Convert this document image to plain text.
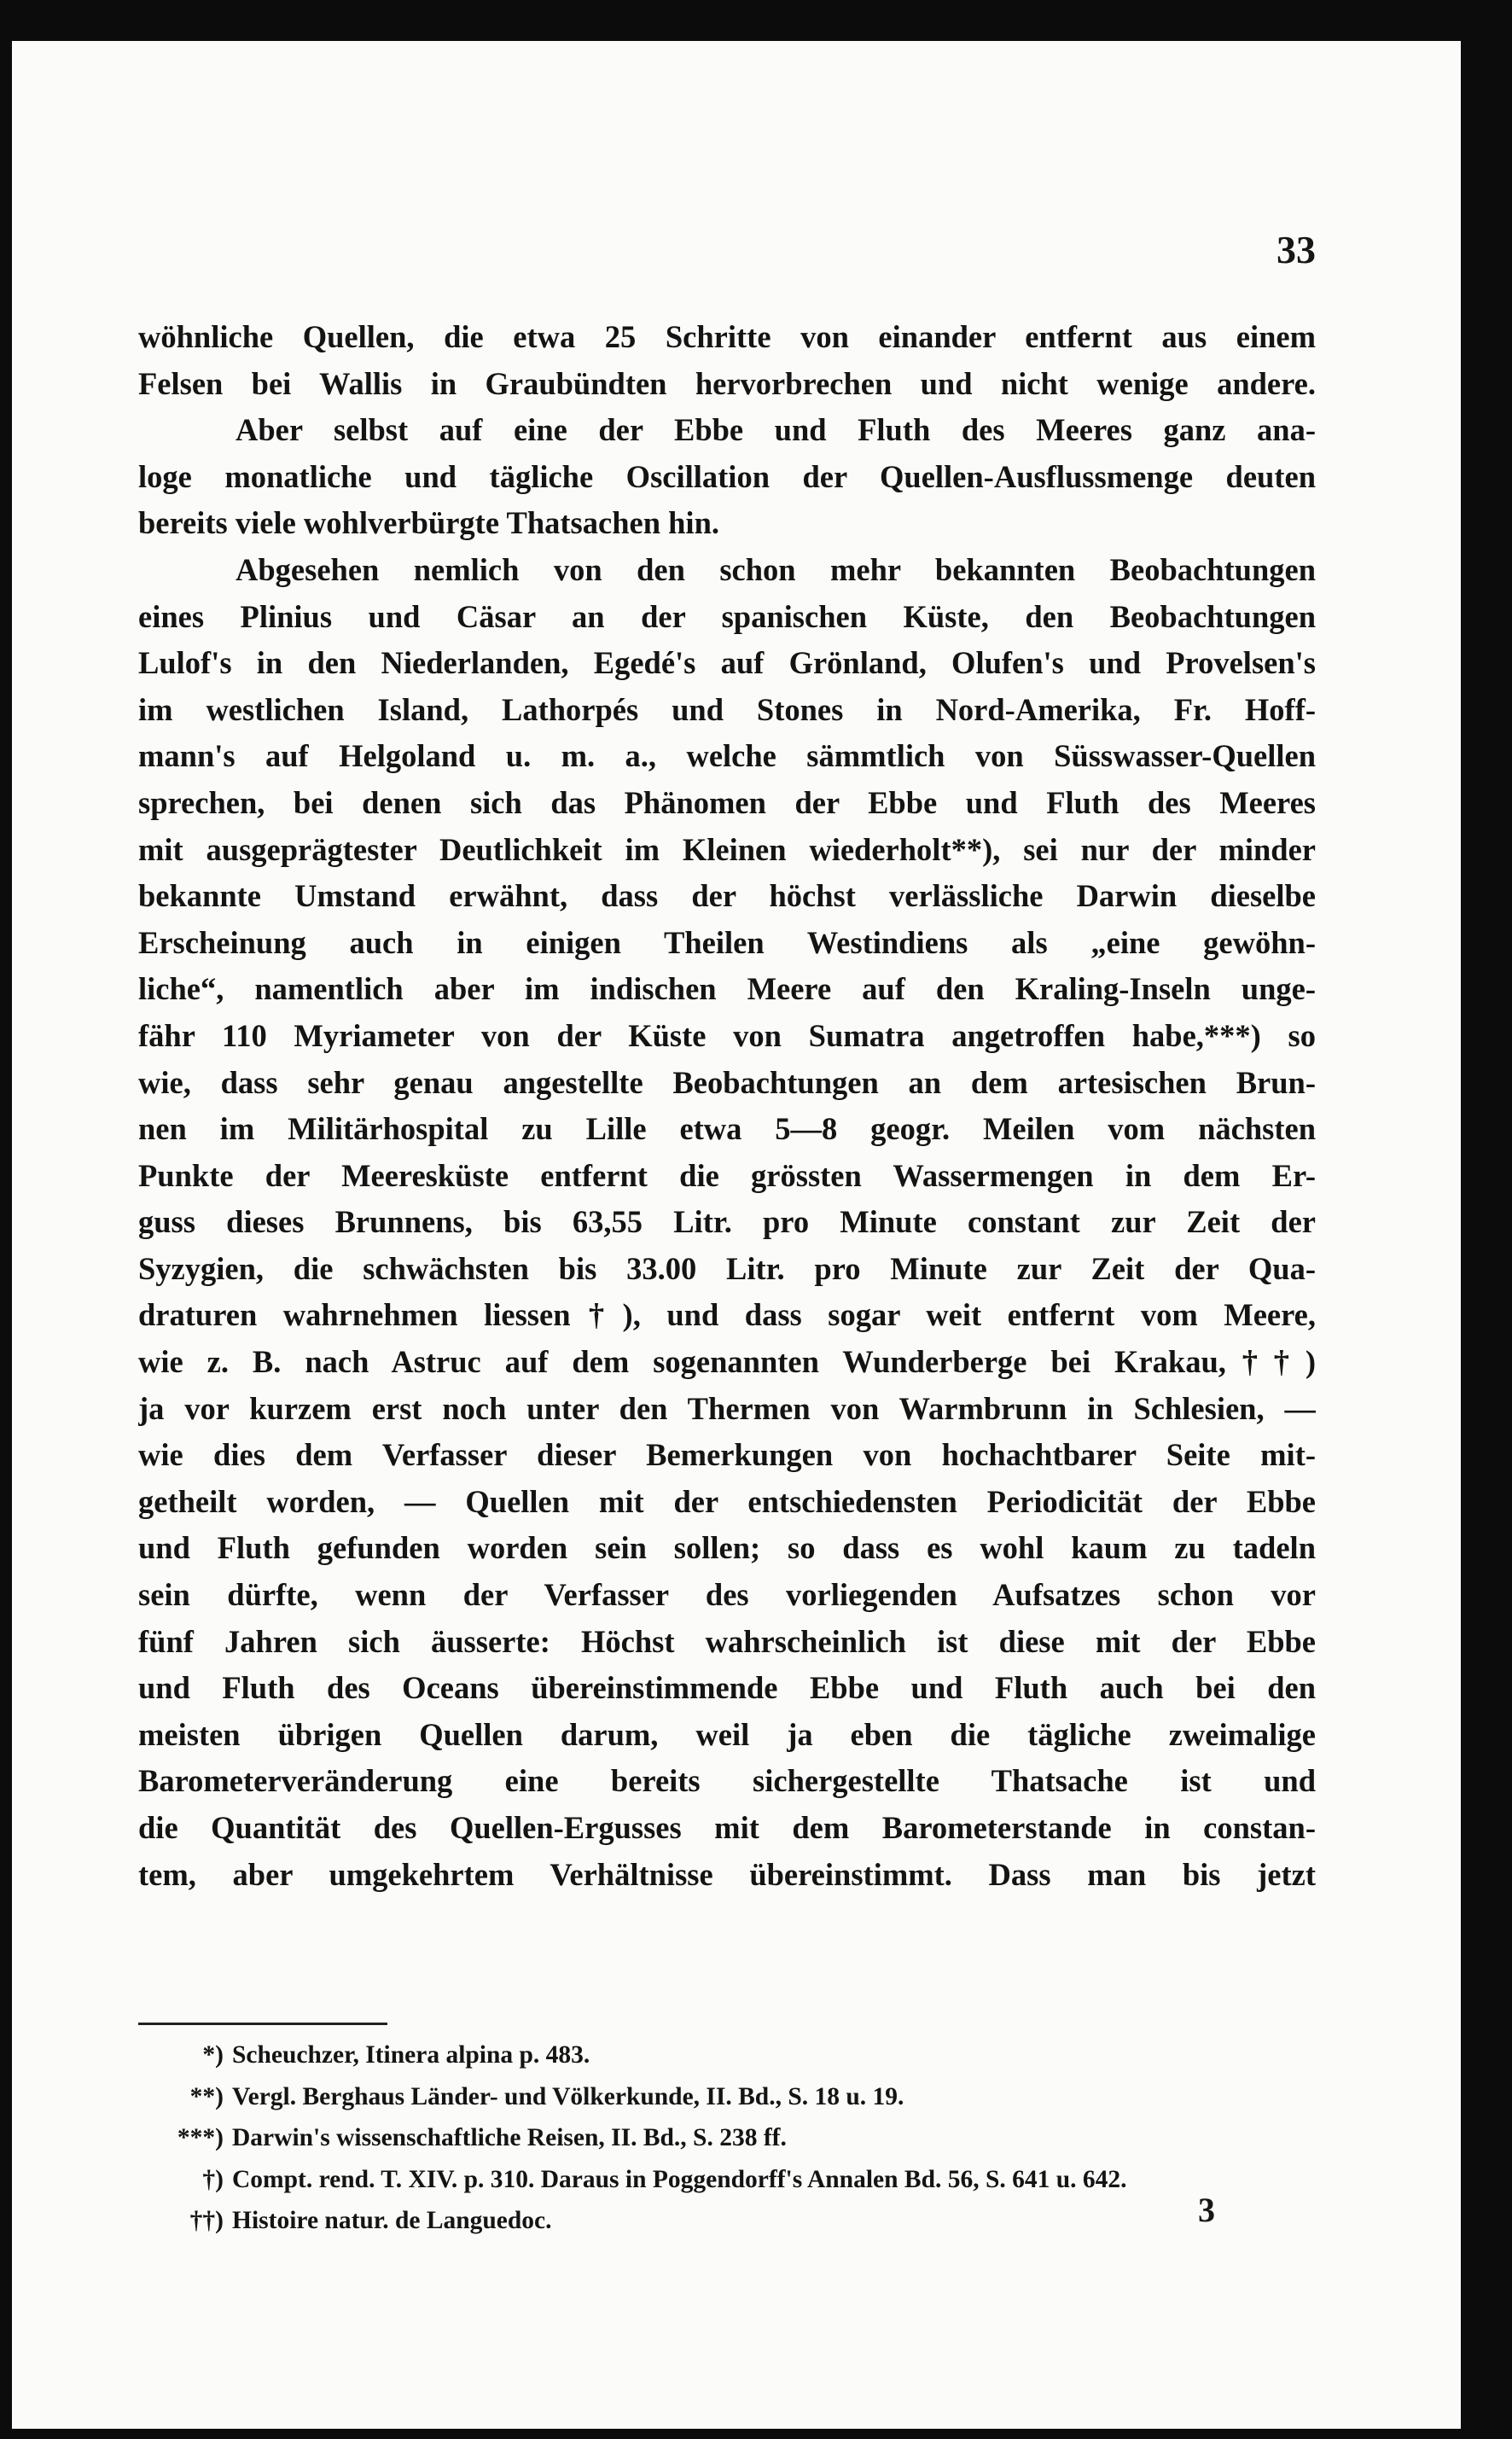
33
wöhnliche Quellen, die etwa 25 Schritte von einander entfernt aus einem
Felsen bei Wallis in Graubündten hervorbrechen und nicht wenige andere.
Aber selbst auf eine der Ebbe und Fluth des Meeres ganz ana-
loge monatliche und tägliche Oscillation der Quellen-Ausflussmenge deuten
bereits viele wohlverbürgte Thatsachen hin.
Abgesehen nemlich von den schon mehr bekannten Beobachtungen
eines Plinius und Cäsar an der spanischen Küste, den Beobachtungen
Lulof's in den Niederlanden, Egedé's auf Grönland, Olufen's und Provelsen's
im westlichen Island, Lathorpés und Stones in Nord-Amerika, Fr. Hoff-
mann's auf Helgoland u. m. a., welche sämmtlich von Süsswasser-Quellen
sprechen, bei denen sich das Phänomen der Ebbe und Fluth des Meeres
mit ausgeprägtester Deutlichkeit im Kleinen wiederholt**), sei nur der minder
bekannte Umstand erwähnt, dass der höchst verlässliche Darwin dieselbe
Erscheinung auch in einigen Theilen Westindiens als „eine gewöhn-
liche“, namentlich aber im indischen Meere auf den Kraling-Inseln unge-
fähr 110 Myriameter von der Küste von Sumatra angetroffen habe,***) so
wie, dass sehr genau angestellte Beobachtungen an dem artesischen Brun-
nen im Militärhospital zu Lille etwa 5—8 geogr. Meilen vom nächsten
Punkte der Meeresküste entfernt die grössten Wassermengen in dem Er-
guss dieses Brunnens, bis 63,55 Litr. pro Minute constant zur Zeit der
Syzygien, die schwächsten bis 33.00 Litr. pro Minute zur Zeit der Qua-
draturen wahrnehmen liessen†), und dass sogar weit entfernt vom Meere,
wie z. B. nach Astruc auf dem sogenannten Wunderberge bei Krakau,††)
ja vor kurzem erst noch unter den Thermen von Warmbrunn in Schlesien, —
wie dies dem Verfasser dieser Bemerkungen von hochachtbarer Seite mit-
getheilt worden, — Quellen mit der entschiedensten Periodicität der Ebbe
und Fluth gefunden worden sein sollen; so dass es wohl kaum zu tadeln
sein dürfte, wenn der Verfasser des vorliegenden Aufsatzes schon vor
fünf Jahren sich äusserte: Höchst wahrscheinlich ist diese mit der Ebbe
und Fluth des Oceans übereinstimmende Ebbe und Fluth auch bei den
meisten übrigen Quellen darum, weil ja eben die tägliche zweimalige
Barometerveränderung eine bereits sichergestellte Thatsache ist und
die Quantität des Quellen-Ergusses mit dem Barometerstande in constan-
tem, aber umgekehrtem Verhältnisse übereinstimmt. Dass man bis jetzt
*) Scheuchzer, Itinera alpina p. 483.
**) Vergl. Berghaus Länder- und Völkerkunde, II. Bd., S. 18 u. 19.
***) Darwin's wissenschaftliche Reisen, II. Bd., S. 238 ff.
†) Compt. rend. T. XIV. p. 310. Daraus in Poggendorff's Annalen Bd. 56, S. 641 u. 642.
††) Histoire natur. de Languedoc.	3
